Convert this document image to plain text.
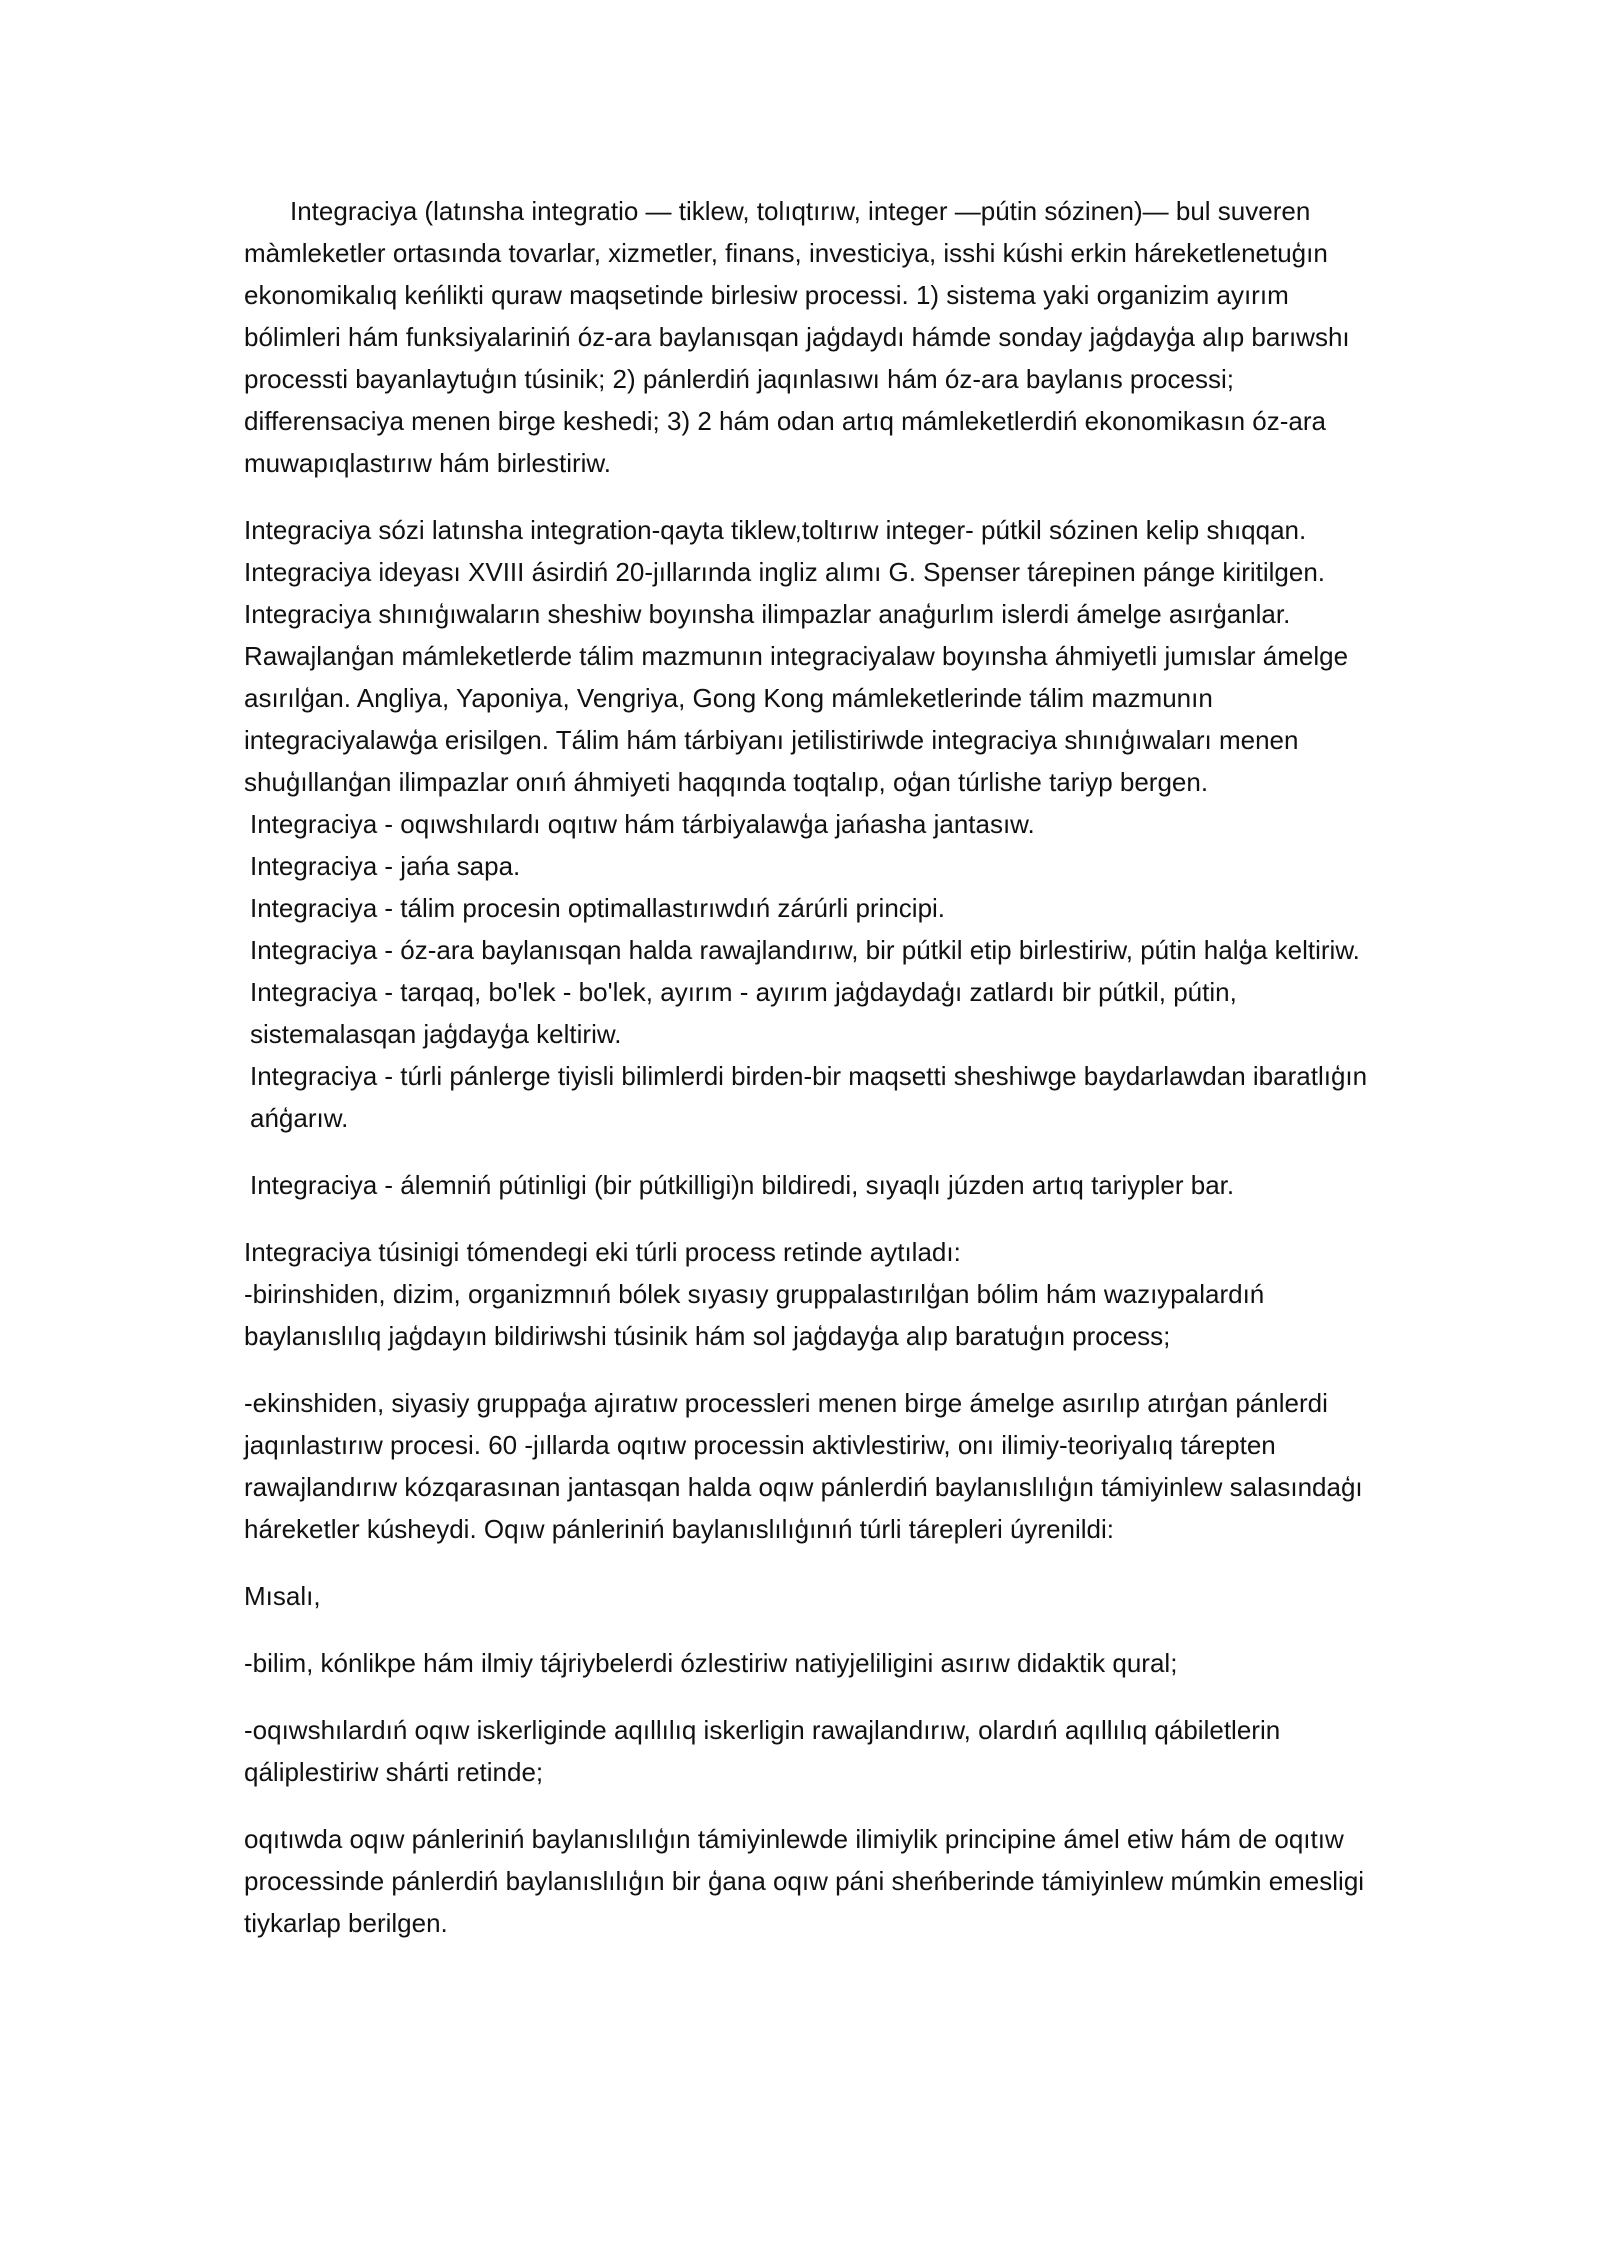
Integraciya (latınsha integratio — tiklew, tolıqtırıw, integer —pútin sózinen)— bul suveren màmleketler ortasında tovarlar, xizmetler, finans, investiciya, isshi kúshi erkin háreketlenetuģın ekonomikalıq keńlikti quraw maqsetinde birlesiw processi. 1) sistema yaki organizim ayırım bólimleri hám funksiyalariniń óz-ara baylanısqan jaģdaydı hámde sonday jaģdayģa alıp barıwshı processti bayanlaytuģın túsinik; 2) pánlerdiń jaqınlasıwı hám óz-ara baylanıs processi; differensaciya menen birge keshedi; 3) 2 hám odan artıq mámleketlerdiń ekonomikasın óz-ara muwapıqlastırıw hám birlestiriw.

Integraciya sózi latınsha integration-qayta tiklew,toltırıw integer- pútkil sózinen kelip shıqqan. Integraciya ideyası XVIII ásirdiń 20-jıllarında ingliz alımı G. Spenser tárepinen pánge kiritilgen. Integraciya shınıģıwaların sheshiw boyınsha ilimpazlar anaģurlım islerdi ámelge asırģanlar. Rawajlanģan mámleketlerde tálim mazmunın integraciyalaw boyınsha áhmiyetli jumıslar ámelge asırılģan. Angliya, Yaponiya, Vengriya, Gong Kong mámleketlerinde tálim mazmunın integraciyalawģa erisilgen. Tálim hám tárbiyanı jetilistiriwde integraciya shınıģıwaları menen shuģıllanģan ilimpazlar onıń áhmiyeti haqqında toqtalıp, oģan túrlishe tariyp bergen.

Integraciya - oqıwshılardı oqıtıw hám tárbiyalawģa jańasha jantasıw.

Integraciya - jańa sapa.

Integraciya - tálim procesin optimallastırıwdıń zárúrli principi.

Integraciya - óz-ara baylanısqan halda rawajlandırıw, bir pútkil etip birlestiriw, pútin halģa keltiriw.

Integraciya - tarqaq, bo'lek - bo'lek, ayırım - ayırım jaģdaydaģı zatlardı bir pútkil, pútin, sistemalasqan jaģdayģa keltiriw.

Integraciya - túrli pánlerge tiyisli bilimlerdi birden-bir maqsetti sheshiwge baydarlawdan ibaratlıģın ańģarıw.

Integraciya - álemniń pútinligi (bir pútkilligi)n bildiredi, sıyaqlı júzden artıq tariypler bar.

Integraciya túsinigi tómendegi eki túrli process retinde aytıladı:

-birinshiden, dizim, organizmnıń bólek sıyasıy gruppalastırılģan bólim hám wazıypalardıń baylanıslılıq jaģdayın bildiriwshi túsinik hám sol jaģdayģa alıp baratuģın process;

-ekinshiden, siyasiy gruppaģa ajıratıw processleri menen birge ámelge asırılıp atırģan pánlerdi jaqınlastırıw procesi. 60 -jıllarda oqıtıw processin aktivlestiriw, onı ilimiy-teoriyalıq tárepten rawajlandırıw kózqarasınan jantasqan halda oqıw pánlerdiń baylanıslılıģın támiyinlew salasındaģı háreketler kúsheydi. Oqıw pánleriniń baylanıslılıģınıń túrli tárepleri úyrenildi:

Mısalı,

-bilim, kónlikpe hám ilmiy tájriybelerdi ózlestiriw natiyjeliligini asırıw didaktik qural;

-oqıwshılardıń oqıw iskerliginde aqıllılıq iskerligin rawajlandırıw, olardıń aqıllılıq qábiletlerin qáliplestiriw shárti retinde;

oqıtıwda oqıw pánleriniń baylanıslılıģın támiyinlewde ilimiylik principine ámel etiw hám de oqıtıw processinde pánlerdiń baylanıslılıģın bir ģana oqıw páni sheńberinde támiyinlew múmkin emesligi tiykarlap berilgen.
